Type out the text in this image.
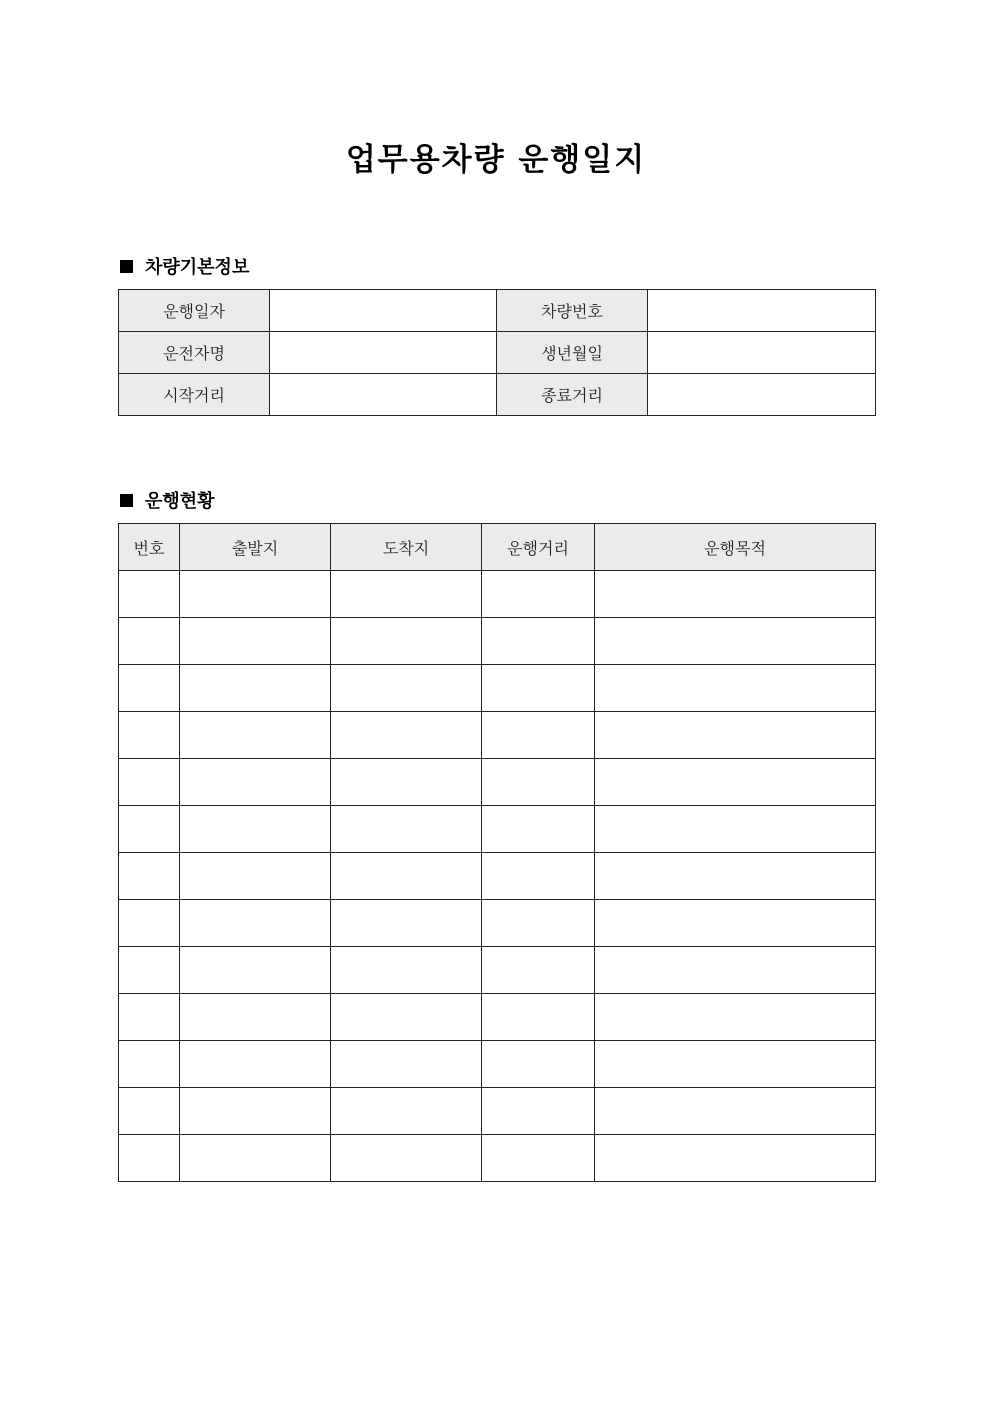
업무용차량 운행일지
차량기본정보
운행일자		차량번호	
운전자명		생년월일	
시작거리		종료거리	
운행현황
번호	출발지	도착지	운행거리	운행목적
